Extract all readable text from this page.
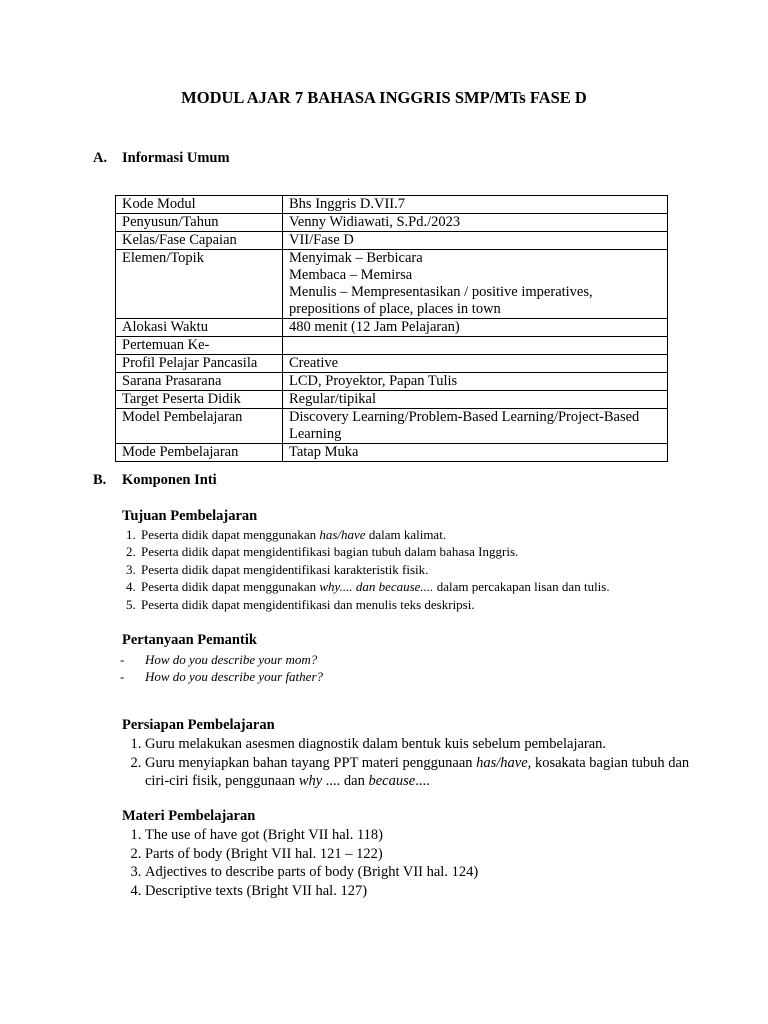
MODUL AJAR 7 BAHASA INGGRIS SMP/MTs FASE D
A. Informasi Umum
Kode Modul	Bhs Inggris D.VII.7
Penyusun/Tahun	Venny Widiawati, S.Pd./2023
Kelas/Fase Capaian	VII/Fase D
Elemen/Topik	Menyimak – Berbicara
Membaca – Memirsa
Menulis – Mempresentasikan / positive imperatives, prepositions of place, places in town

Alokasi Waktu	480 menit (12 Jam Pelajaran)
Pertemuan Ke-	
Profil Pelajar Pancasila	Creative
Sarana Prasarana	LCD, Proyektor, Papan Tulis
Target Peserta Didik	Regular/tipikal
Model Pembelajaran	Discovery Learning/Problem-Based Learning/Project-Based Learning
Mode Pembelajaran	Tatap Muka
B. Komponen Inti
Tujuan Pembelajaran
1. Peserta didik dapat menggunakan has/have dalam kalimat.
2. Peserta didik dapat mengidentifikasi bagian tubuh dalam bahasa Inggris.
3. Peserta didik dapat mengidentifikasi karakteristik fisik.
4. Peserta didik dapat menggunakan why.... dan because.... dalam percakapan lisan dan tulis.
5. Peserta didik dapat mengidentifikasi dan menulis teks deskripsi.
Pertanyaan Pemantik
- How do you describe your mom?
- How do you describe your father?
Persiapan Pembelajaran
1. Guru melakukan asesmen diagnostik dalam bentuk kuis sebelum pembelajaran.
2. Guru menyiapkan bahan tayang PPT materi penggunaan has/have, kosakata bagian tubuh dan ciri-ciri fisik, penggunaan why .... dan because....
Materi Pembelajaran
1. The use of have got (Bright VII hal. 118)
2. Parts of body (Bright VII hal. 121 – 122)
3. Adjectives to describe parts of body (Bright VII hal. 124)
4. Descriptive texts (Bright VII hal. 127)
